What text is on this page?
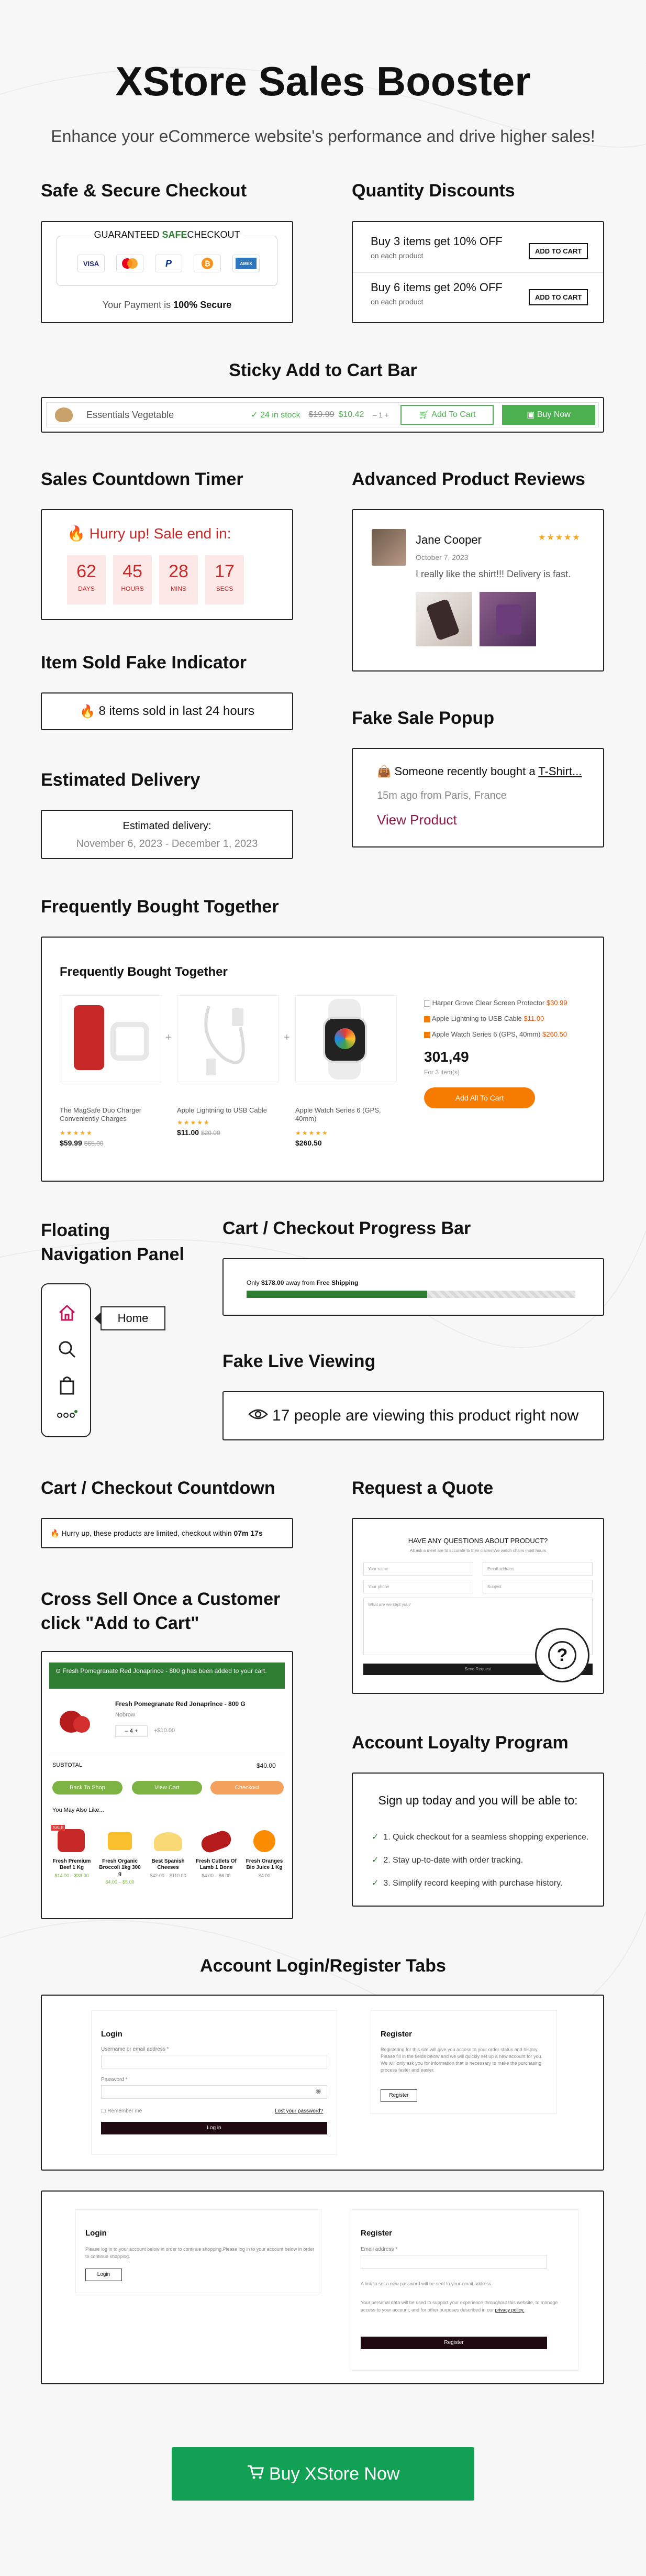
XStore Sales Booster
Enhance your eCommerce website's performance and drive higher sales!
Safe & Secure Checkout
GUARANTEED SAFECHECKOUT
VISA	P	₿	AMEX
Your Payment is 100% Secure
Quantity Discounts
Buy 3 items get 10% OFF
on each product
ADD TO CART
Buy 6 items get 20% OFF
on each product
ADD TO CART
Sticky Add to Cart Bar
Essentials Vegetable	✓ 24 in stock $19.99 $10.42 – 1 +	🛒︎
Add To Cart	▣
Buy Now
Sales Countdown Timer
🔥 Hurry up! Sale end in:
62
DAYS
45
HOURS
28
MINS
17
SECS
Advanced Product Reviews
Jane Cooper	★★★★★
October 7, 2023
I really like the shirt!!! Delivery is fast.
Item Sold Fake Indicator
🔥
8 items sold in last 24 hours	Fake Sale Popup
👜 Someone recently bought a T-Shirt...
15m ago from Paris, France
View Product
Estimated Delivery
Estimated delivery:
November 6, 2023 - December 1, 2023
Frequently Bought Together
Frequently Bought Together
The MagSafe Duo Charger Conveniently Charges
★★★★★
$59.99 $65.00
+
Apple Lightning to USB Cable
★★★★★
$11.00 $20.00
+
Apple Watch Series 6 (GPS, 40mm)
★★★★★
$260.50
Harper Grove Clear Screen Protector $30.99
Apple Lightning to USB Cable $11.00
Apple Watch Series 6 (GPS, 40mm) $260.50
301,49
For 3 item(s)
Add All To Cart
Floating
Navigation Panel
Home
Cart / Checkout Progress Bar
Only $178.00 away from Free Shipping
Fake Live Viewing

17 people are viewing this product right now
Cart / Checkout Countdown
🔥
Hurry up, these products are limited, checkout within
07m 17s
Request a Quote
HAVE ANY QUESTIONS ABOUT PRODUCT?
All ask a meet are to accurate to their claims!We watch chairs most hours
Your name	Email address
Your phone	Subject
What are we kept you?
Send Request
?
Cross Sell Once a Customer
click "Add to Cart"
⊙ Fresh Pomegranate Red Jonaprince - 800 g has been added to your cart.
Fresh Pomegranate Red Jonaprince - 800 G
Nobrow
– 4 +	+$10.00
SUBTOTAL	$40.00
Back To Shop	View Cart	Checkout
You May Also Like...
SALE
Fresh Premium Beef 1 Kg
$14.00 – $33.00
Fresh Organic Broccoli 1kg 300 g
$4.00 – $5.00
Best Spanish Cheeses
$42.00 – $110.00
Fresh Cutlets Of Lamb 1 Bone
$4.00 – $6.00
Fresh Oranges Bio Juice 1 Kg
$4.00
Account Loyalty Program
Sign up today and you will be able to:
✓ 1. Quick checkout for a seamless shopping experience.
✓ 2. Stay up-to-date with order tracking.
✓ 3. Simplify record keeping with purchase history.
Account Login/Register Tabs
Login
Username or email address *
Password *
◉
▢ Remember me	Lost your password?
Log in
Register
Registering for this site will give you access to your order status and history. Please fill in the fields below and we will quickly set up a new account for you. We will only ask you for information that is necessary to make the purchasing process faster and easier.
Register
Login
Please log in to your account below in order to continue shopping.Please log in to your account below in order to continue shopping.
Login
Register
Email address *
A link to set a new password will be sent to your email address.
Your personal data will be used to support your experience throughout this website, to manage access to your account, and for other purposes described in our privacy policy.
Register

Buy XStore Now
